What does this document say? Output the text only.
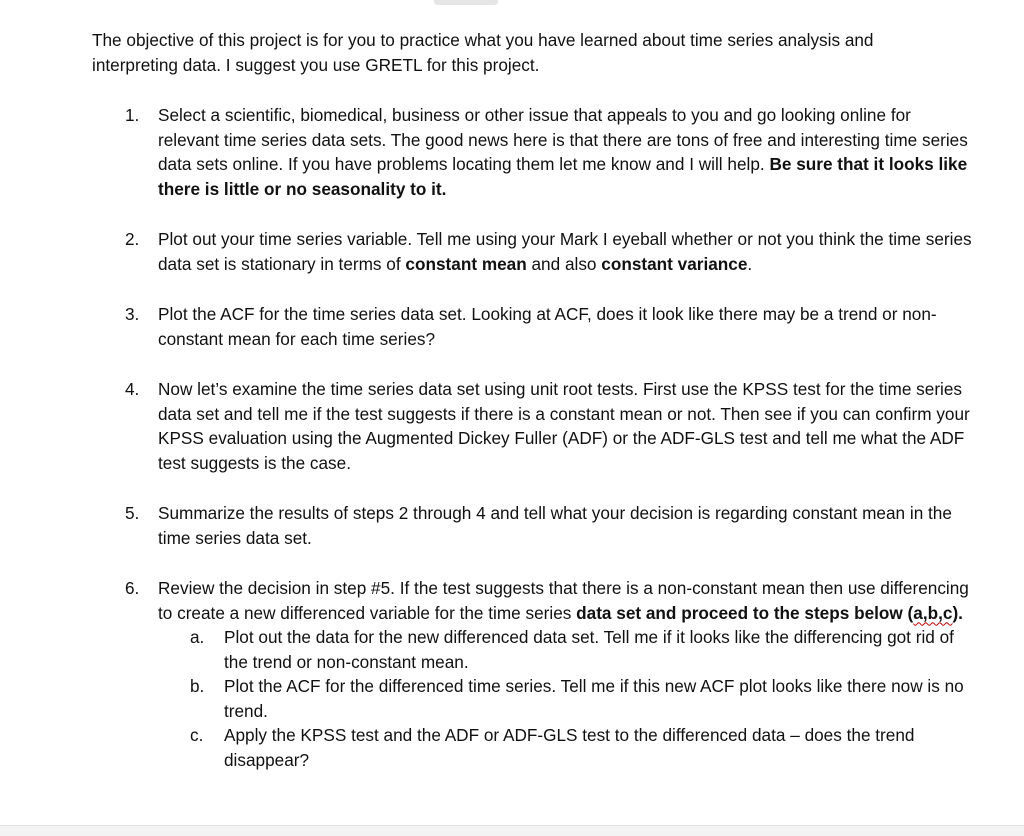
The objective of this project is for you to practice what you have learned about time series analysis and
interpreting data. I suggest you use GRETL for this project.

1. Select a scientific, biomedical, business or other issue that appeals to you and go looking online for relevant time series data sets. The good news here is that there are tons of free and interesting time series data sets online. If you have problems locating them let me know and I will help. Be sure that it looks like there is little or no seasonality to it.
2. Plot out your time series variable. Tell me using your Mark I eyeball whether or not you think the time series data set is stationary in terms of constant mean and also constant variance.
3. Plot the ACF for the time series data set. Looking at ACF, does it look like there may be a trend or non-constant mean for each time series?
4. Now let’s examine the time series data set using unit root tests. First use the KPSS test for the time series data set and tell me if the test suggests if there is a constant mean or not. Then see if you can confirm your KPSS evaluation using the Augmented Dickey Fuller (ADF) or the ADF-GLS test and tell me what the ADF test suggests is the case.
5. Summarize the results of steps 2 through 4 and tell what your decision is regarding constant mean in the time series data set.
6. Review the decision in step #5. If the test suggests that there is a non-constant mean then use differencing to create a new differenced variable for the time series data set and proceed to the steps below (a,b,c).
a. Plot out the data for the new differenced data set. Tell me if it looks like the differencing got rid of the trend or non-constant mean.
b. Plot the ACF for the differenced time series. Tell me if this new ACF plot looks like there now is no trend.
c. Apply the KPSS test and the ADF or ADF-GLS test to the differenced data – does the trend disappear?
